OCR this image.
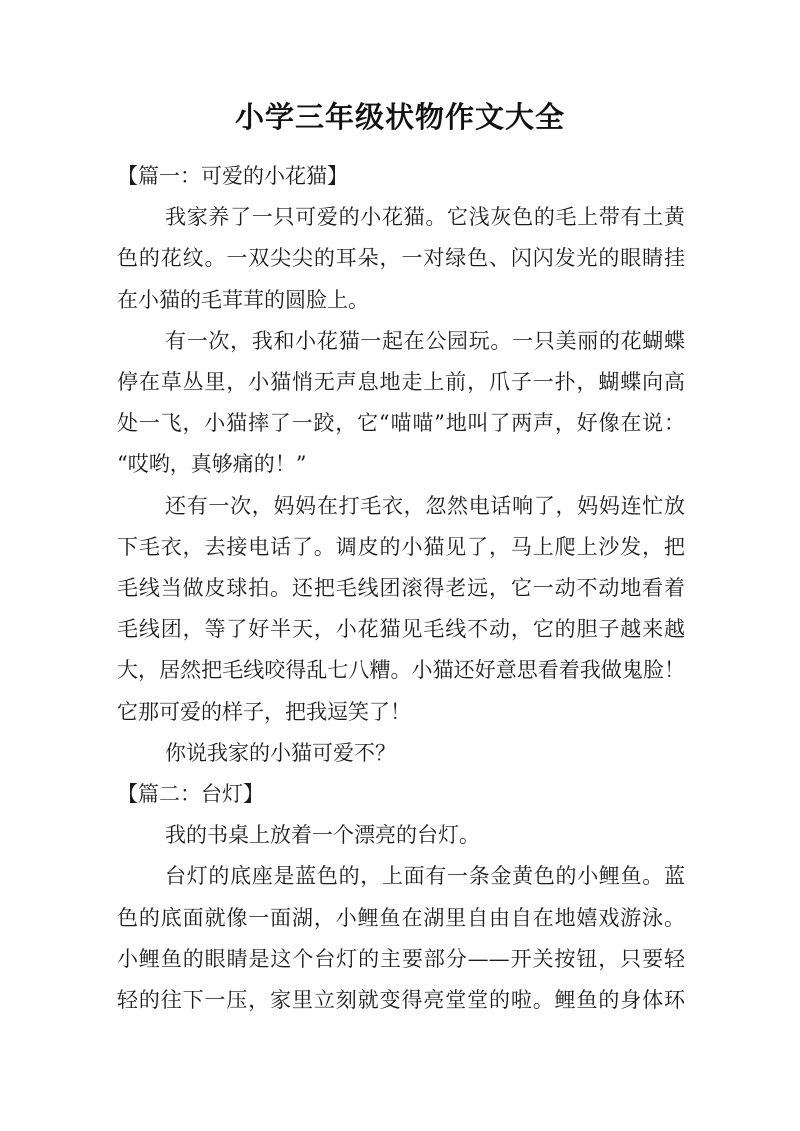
小学三年级状物作文大全

【篇一：可爱的小花猫】

我家养了一只可爱的小花猫。它浅灰色的毛上带有土黄
色的花纹。一双尖尖的耳朵，一对绿色、闪闪发光的眼睛挂
在小猫的毛茸茸的圆脸上。

有一次，我和小花猫一起在公园玩。一只美丽的花蝴蝶
停在草丛里，小猫悄无声息地走上前，爪子一扑，蝴蝶向高
处一飞，小猫摔了一跤，它“喵喵”地叫了两声，好像在说：
“哎哟，真够痛的！”

还有一次，妈妈在打毛衣，忽然电话响了，妈妈连忙放
下毛衣，去接电话了。调皮的小猫见了，马上爬上沙发，把
毛线当做皮球拍。还把毛线团滚得老远，它一动不动地看着
毛线团，等了好半天，小花猫见毛线不动，它的胆子越来越
大，居然把毛线咬得乱七八糟。小猫还好意思看着我做鬼脸！
它那可爱的样子，把我逗笑了！

你说我家的小猫可爱不？

【篇二：台灯】

我的书桌上放着一个漂亮的台灯。

台灯的底座是蓝色的，上面有一条金黄色的小鲤鱼。蓝
色的底面就像一面湖，小鲤鱼在湖里自由自在地嬉戏游泳。
小鲤鱼的眼睛是这个台灯的主要部分——开关按钮，只要轻
轻的往下一压，家里立刻就变得亮堂堂的啦。鲤鱼的身体环
